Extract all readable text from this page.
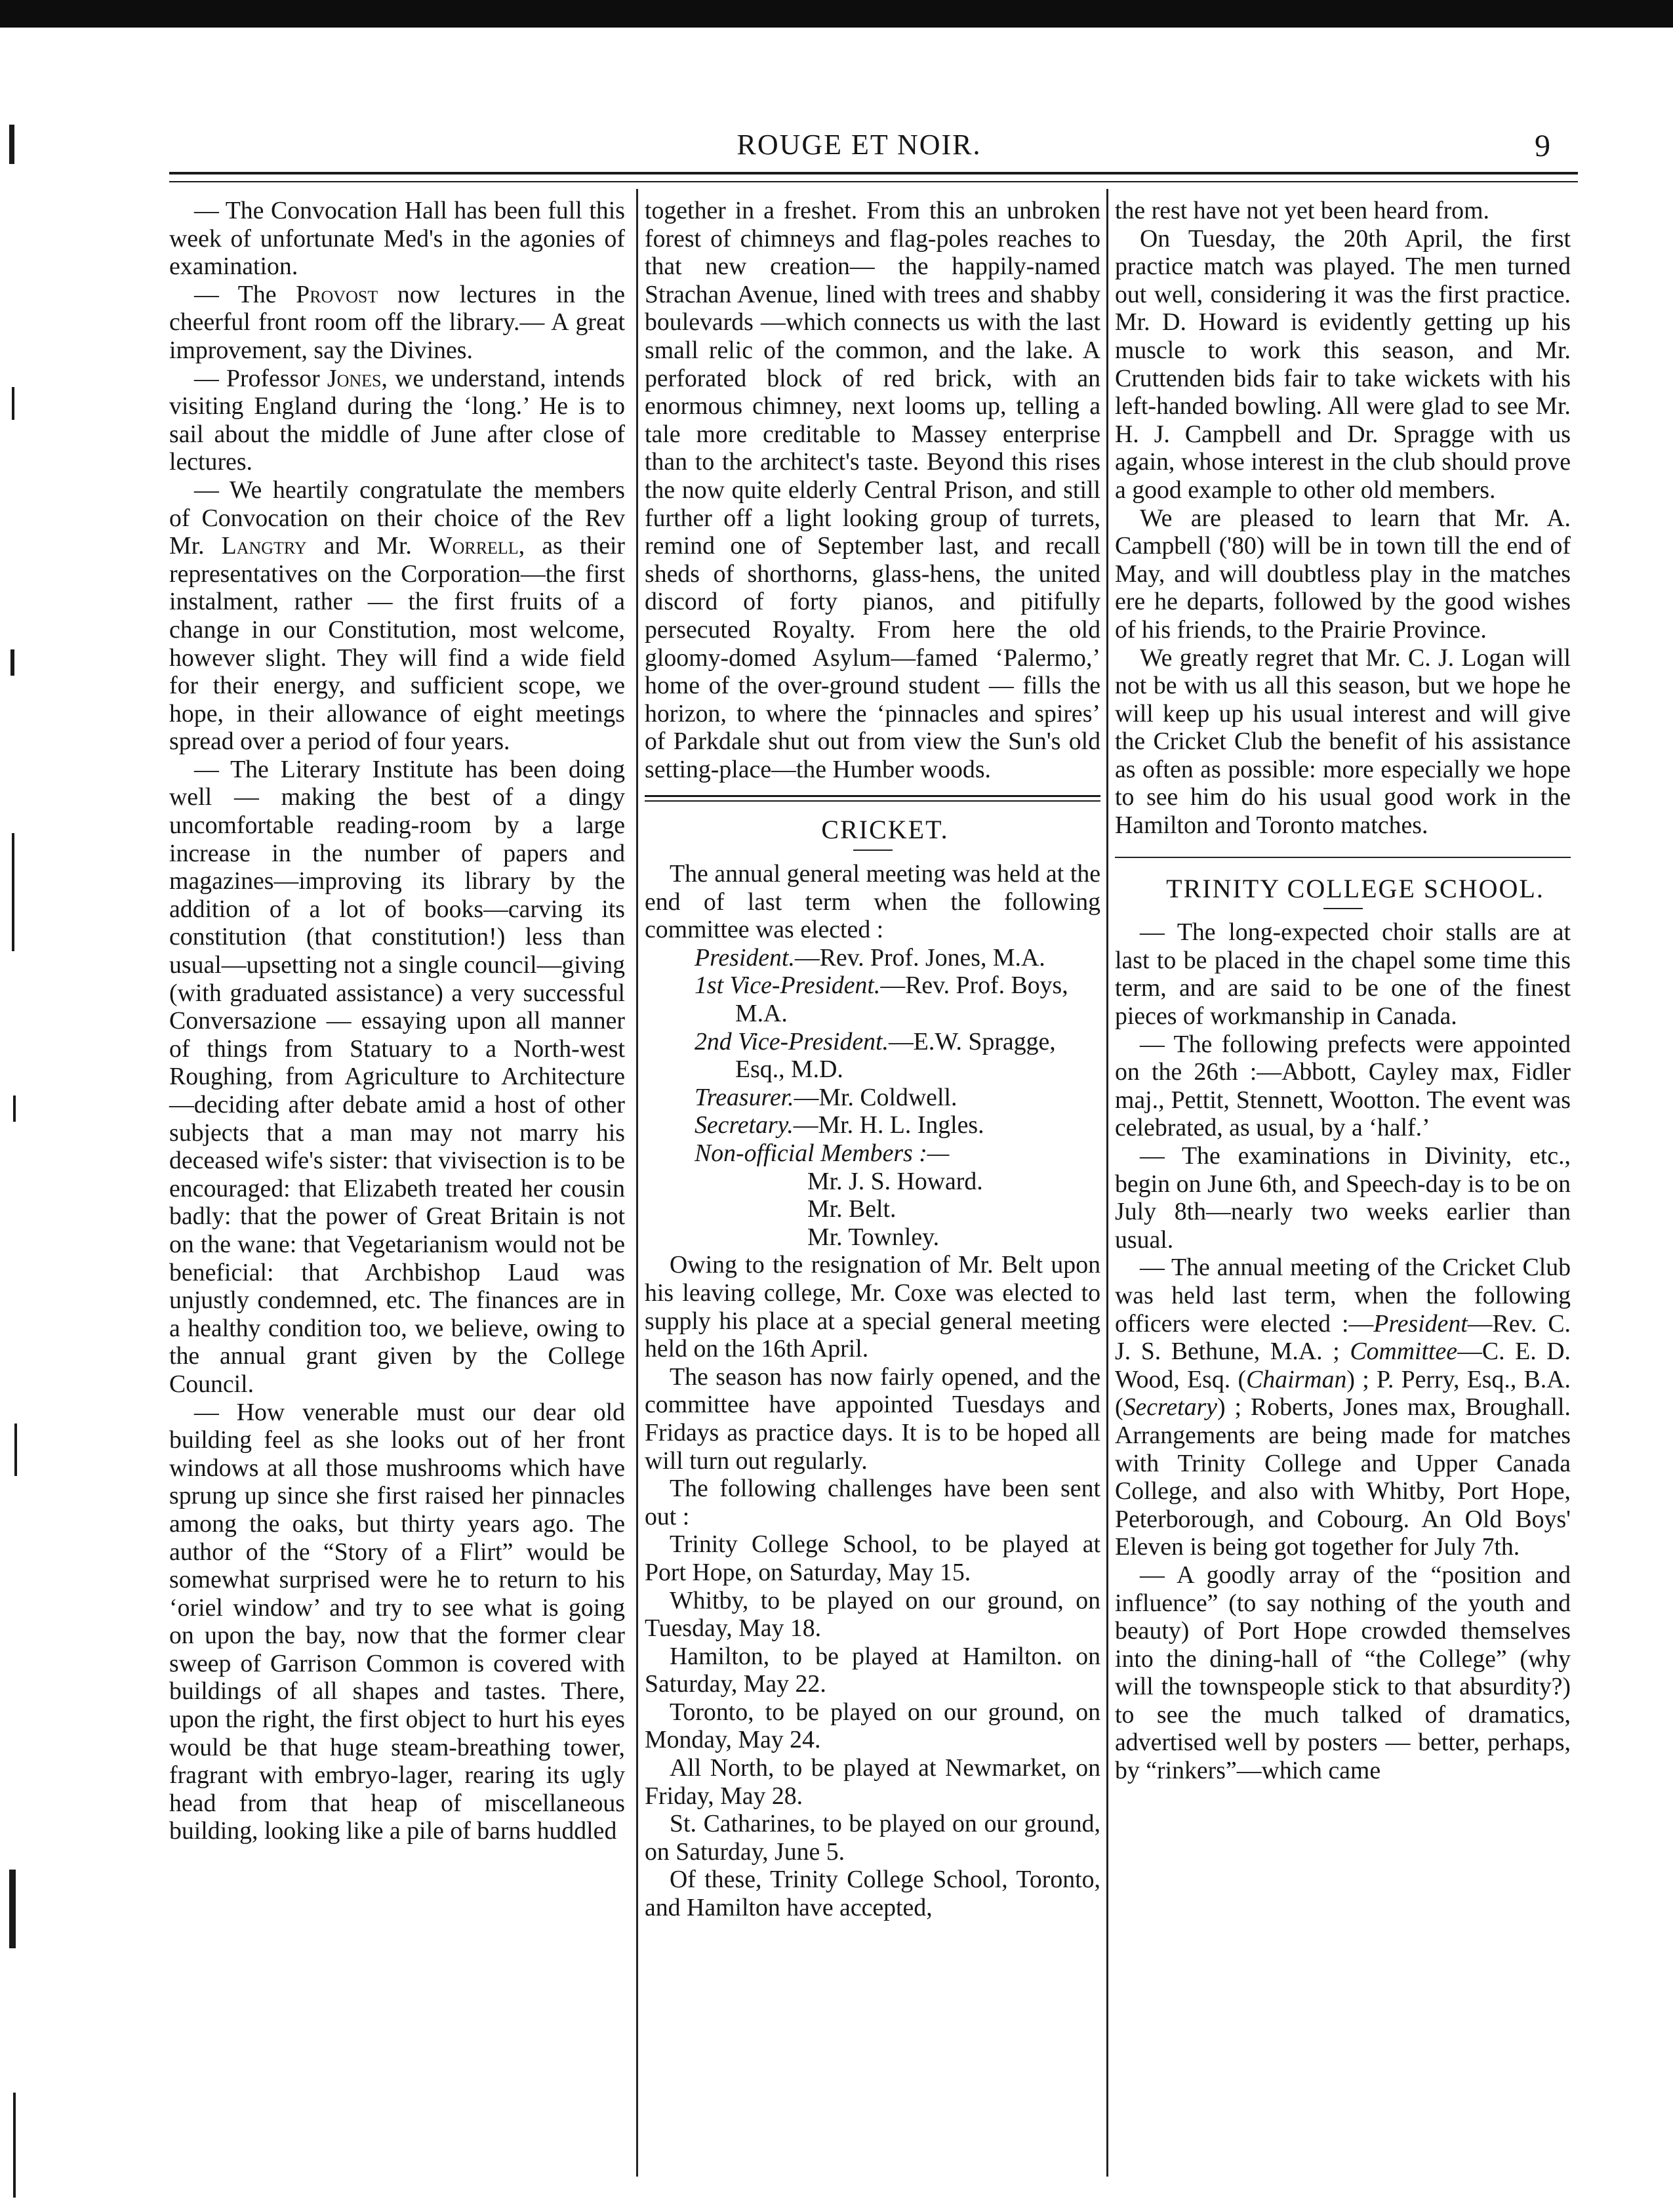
ROUGE ET NOIR.	9

— The Convocation Hall has been full this week of unfortunate Med's in the agonies of examination.

— The Provost now lectures in the cheerful front room off the library.— A great improvement, say the Divines.

— Professor Jones, we understand, intends visiting England during the ‘long.’ He is to sail about the middle of June after close of lectures.

— We heartily congratulate the members of Convocation on their choice of the Rev Mr. Langtry and Mr. Worrell, as their representatives on the Corporation—the first instalment, rather — the first fruits of a change in our Constitution, most welcome, however slight. They will find a wide field for their energy, and sufficient scope, we hope, in their allowance of eight meetings spread over a period of four years.

— The Literary Institute has been doing well — making the best of a dingy uncomfortable reading-room by a large increase in the number of papers and magazines—improving its library by the addition of a lot of books—carving its constitution (that constitution!) less than usual—upsetting not a single council—giving (with graduated assistance) a very successful Conversazione — essaying upon all manner of things from Statuary to a North-west Roughing, from Agriculture to Architecture—deciding after debate amid a host of other subjects that a man may not marry his deceased wife's sister: that vivisection is to be encouraged: that Elizabeth treated her cousin badly: that the power of Great Britain is not on the wane: that Vegetarianism would not be beneficial: that Archbishop Laud was unjustly condemned, etc. The finances are in a healthy condition too, we believe, owing to the annual grant given by the College Council.

— How venerable must our dear old building feel as she looks out of her front windows at all those mushrooms which have sprung up since she first raised her pinnacles among the oaks, but thirty years ago. The author of the “Story of a Flirt” would be somewhat surprised were he to return to his ‘oriel window’ and try to see what is going on upon the bay, now that the former clear sweep of Garrison Common is covered with buildings of all shapes and tastes. There, upon the right, the first object to hurt his eyes would be that huge steam-breathing tower, fragrant with embryo-lager, rearing its ugly head from that heap of miscellaneous building, looking like a pile of barns huddled

together in a freshet. From this an unbroken forest of chimneys and flag-poles reaches to that new creation— the happily-named Strachan Avenue, lined with trees and shabby boulevards —which connects us with the last small relic of the common, and the lake. A perforated block of red brick, with an enormous chimney, next looms up, telling a tale more creditable to Massey enterprise than to the architect's taste. Beyond this rises the now quite elderly Central Prison, and still further off a light looking group of turrets, remind one of September last, and recall sheds of shorthorns, glass-hens, the united discord of forty pianos, and pitifully persecuted Royalty. From here the old gloomy-domed Asylum—famed ‘Palermo,’ home of the over-ground student — fills the horizon, to where the ‘pinnacles and spires’ of Parkdale shut out from view the Sun's old setting-place—the Humber woods.

CRICKET.

The annual general meeting was held at the end of last term when the following committee was elected :

President.—Rev. Prof. Jones, M.A.

1st Vice-President.—Rev. Prof. Boys,

M.A.

2nd Vice-President.—E.W. Spragge,

Esq., M.D.

Treasurer.—Mr. Coldwell.

Secretary.—Mr. H. L. Ingles.

Non-official Members :—

Mr. J. S. Howard.

Mr. Belt.

Mr. Townley.

Owing to the resignation of Mr. Belt upon his leaving college, Mr. Coxe was elected to supply his place at a special general meeting held on the 16th April.

The season has now fairly opened, and the committee have appointed Tuesdays and Fridays as practice days. It is to be hoped all will turn out regularly.

The following challenges have been sent out :

Trinity College School, to be played at Port Hope, on Saturday, May 15.

Whitby, to be played on our ground, on Tuesday, May 18.

Hamilton, to be played at Hamilton. on Saturday, May 22.

Toronto, to be played on our ground, on Monday, May 24.

All North, to be played at Newmarket, on Friday, May 28.

St. Catharines, to be played on our ground, on Saturday, June 5.

Of these, Trinity College School, Toronto, and Hamilton have accepted,

the rest have not yet been heard from.

On Tuesday, the 20th April, the first practice match was played. The men turned out well, considering it was the first practice. Mr. D. Howard is evidently getting up his muscle to work this season, and Mr. Cruttenden bids fair to take wickets with his left-handed bowling. All were glad to see Mr. H. J. Campbell and Dr. Spragge with us again, whose interest in the club should prove a good example to other old members.

We are pleased to learn that Mr. A. Campbell ('80) will be in town till the end of May, and will doubtless play in the matches ere he departs, followed by the good wishes of his friends, to the Prairie Province.

We greatly regret that Mr. C. J. Logan will not be with us all this season, but we hope he will keep up his usual interest and will give the Cricket Club the benefit of his assistance as often as possible: more especially we hope to see him do his usual good work in the Hamilton and Toronto matches.

TRINITY COLLEGE SCHOOL.

— The long-expected choir stalls are at last to be placed in the chapel some time this term, and are said to be one of the finest pieces of workmanship in Canada.

— The following prefects were appointed on the 26th :—Abbott, Cayley max, Fidler maj., Pettit, Stennett, Wootton. The event was celebrated, as usual, by a ‘half.’

— The examinations in Divinity, etc., begin on June 6th, and Speech-day is to be on July 8th—nearly two weeks earlier than usual.

— The annual meeting of the Cricket Club was held last term, when the following officers were elected :—President—Rev. C. J. S. Bethune, M.A. ; Committee—C. E. D. Wood, Esq. (Chairman) ; P. Perry, Esq., B.A. (Secretary) ; Roberts, Jones max, Broughall. Arrangements are being made for matches with Trinity College and Upper Canada College, and also with Whitby, Port Hope, Peterborough, and Cobourg. An Old Boys' Eleven is being got together for July 7th.

— A goodly array of the “position and influence” (to say nothing of the youth and beauty) of Port Hope crowded themselves into the dining-hall of “the College” (why will the townspeople stick to that absurdity?) to see the much talked of dramatics, advertised well by posters — better, perhaps, by “rinkers”—which came
